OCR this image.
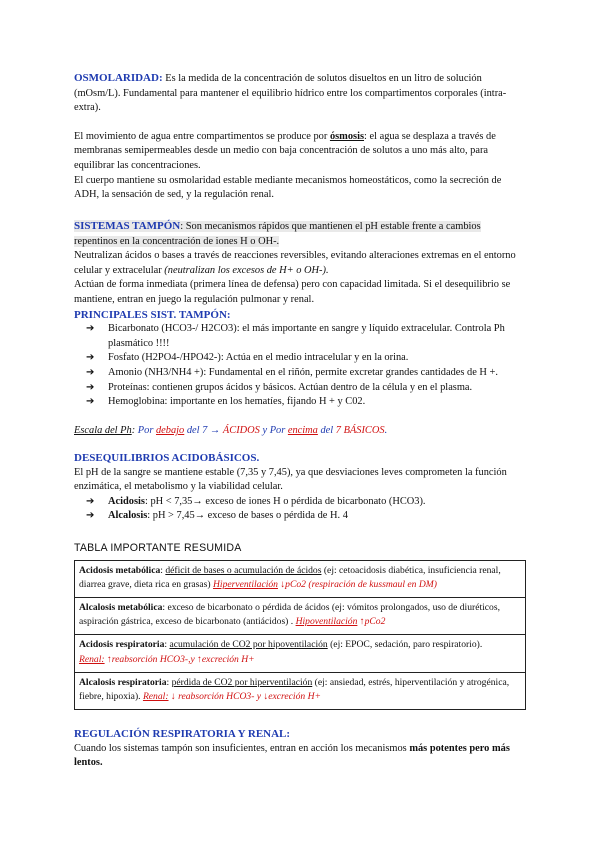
OSMOLARIDAD: Es la medida de la concentración de solutos disueltos en un litro de solución (mOsm/L). Fundamental para mantener el equilibrio hídrico entre los compartimentos corporales (intra-extra).

El movimiento de agua entre compartimentos se produce por ósmosis: el agua se desplaza a través de membranas semipermeables desde un medio con baja concentración de solutos a uno más alto, para equilibrar las concentraciones.

El cuerpo mantiene su osmolaridad estable mediante mecanismos homeostáticos, como la secreción de ADH, la sensación de sed, y la regulación renal.

SISTEMAS TAMPÓN: Son mecanismos rápidos que mantienen el pH estable frente a cambios repentinos en la concentración de iones H o OH-.

Neutralizan ácidos o bases a través de reacciones reversibles, evitando alteraciones extremas en el entorno celular y extracelular (neutralizan los excesos de H+ o OH-).

Actúan de forma inmediata (primera línea de defensa) pero con capacidad limitada. Si el desequilibrio se mantiene, entran en juego la regulación pulmonar y renal.

PRINCIPALES SIST. TAMPÓN:

➔ Bicarbonato (HCO3-/ H2CO3): el más importante en sangre y líquido extracelular. Controla Ph plasmático !!!!
➔ Fosfato (H2PO4-/HPO42-): Actúa en el medio intracelular y en la orina.
➔ Amonio (NH3/NH4 +): Fundamental en el riñón, permite excretar grandes cantidades de H +.
➔ Proteínas: contienen grupos ácidos y básicos. Actúan dentro de la célula y en el plasma.
➔ Hemoglobina: importante en los hematíes, fijando H + y C02.

Escala del Ph: Por debajo del 7 → ÁCIDOS y Por encima del 7 BÁSICOS.

DESEQUILIBRIOS ACIDOBÁSICOS.

El pH de la sangre se mantiene estable (7,35 y 7,45), ya que desviaciones leves comprometen la función enzimática, el metabolismo y la viabilidad celular.

➔ Acidosis: pH < 7,35→ exceso de iones H o pérdida de bicarbonato (HCO3).
➔ Alcalosis: pH > 7,45→ exceso de bases o pérdida de H. 4

TABLA IMPORTANTE RESUMIDA

Acidosis metabólica: déficit de bases o acumulación de ácidos (ej: cetoacidosis diabética, insuficiencia renal, diarrea grave, dieta rica en grasas) Hiperventilación ↓pCo2 (respiración de kussmaul en DM)
Alcalosis metabólica: exceso de bicarbonato o pérdida de ácidos (ej: vómitos prolongados, uso de diuréticos, aspiración gástrica, exceso de bicarbonato (antiácidos) . Hipoventilación ↑pCo2
Acidosis respiratoria: acumulación de CO2 por hipoventilación (ej: EPOC, sedación, paro respiratorio).
Renal: ↑reabsorción HCO3-,y ↑excreción H+
Alcalosis respiratoria: pérdida de CO2 por hiperventilación (ej: ansiedad, estrés, hiperventilación y atrogénica, fiebre, hipoxia). Renal: ↓ reabsorción HCO3- y ↓excreción H+

REGULACIÓN RESPIRATORIA Y RENAL:

Cuando los sistemas tampón son insuficientes, entran en acción los mecanismos más potentes pero más lentos.
